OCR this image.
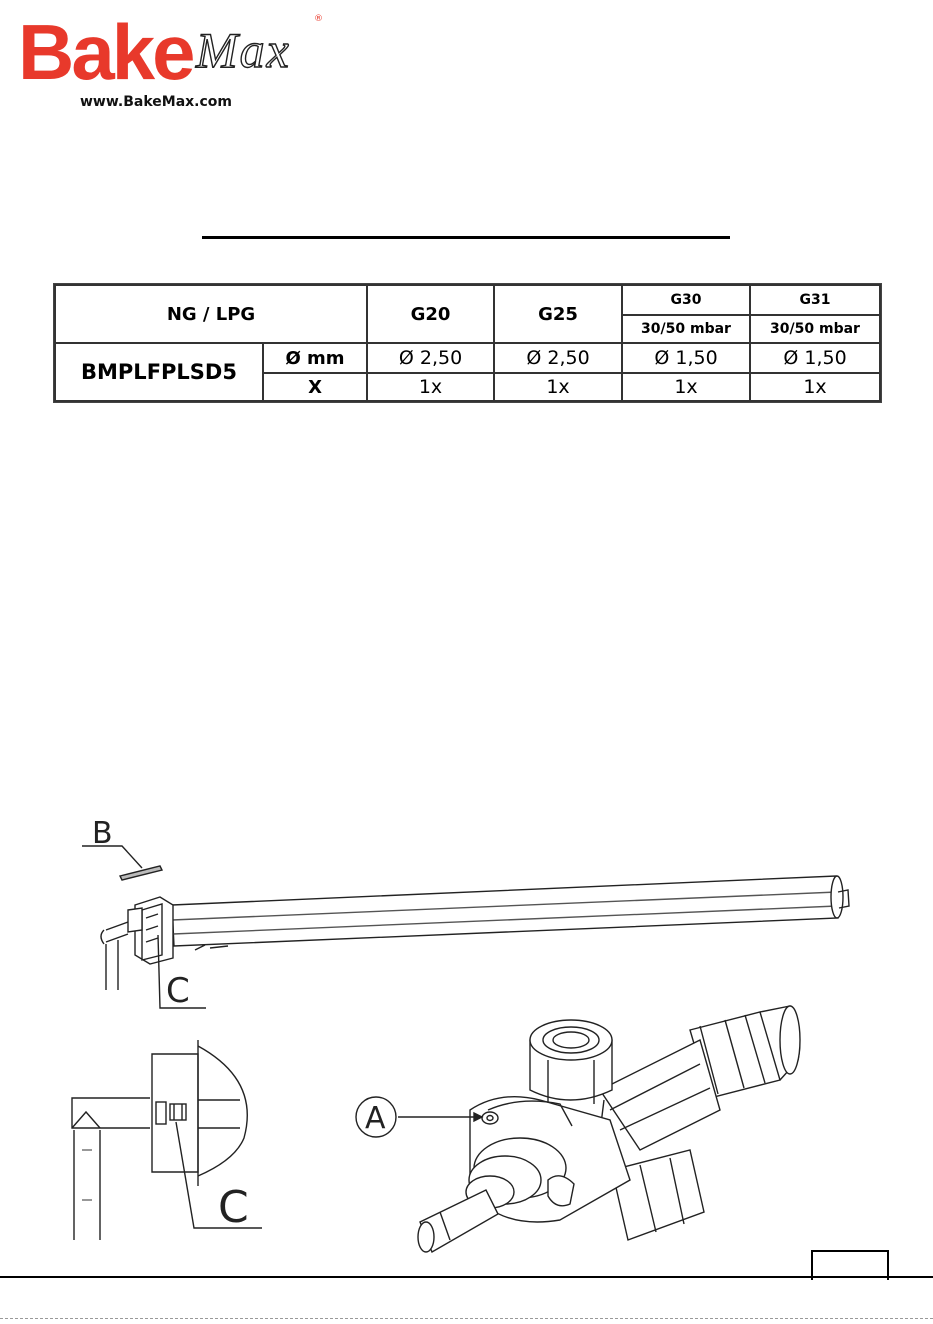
Bake Max
®
www.BakeMax.com
NG / LPG		G20	G25	G30	G31
				30/50 mbar	30/50 mbar
BMPLFPLSD5	Ø mm	Ø 2,50	Ø 2,50	Ø 1,50	Ø 1,50
	X	1x	1x	1x	1x
B
C
C
A
